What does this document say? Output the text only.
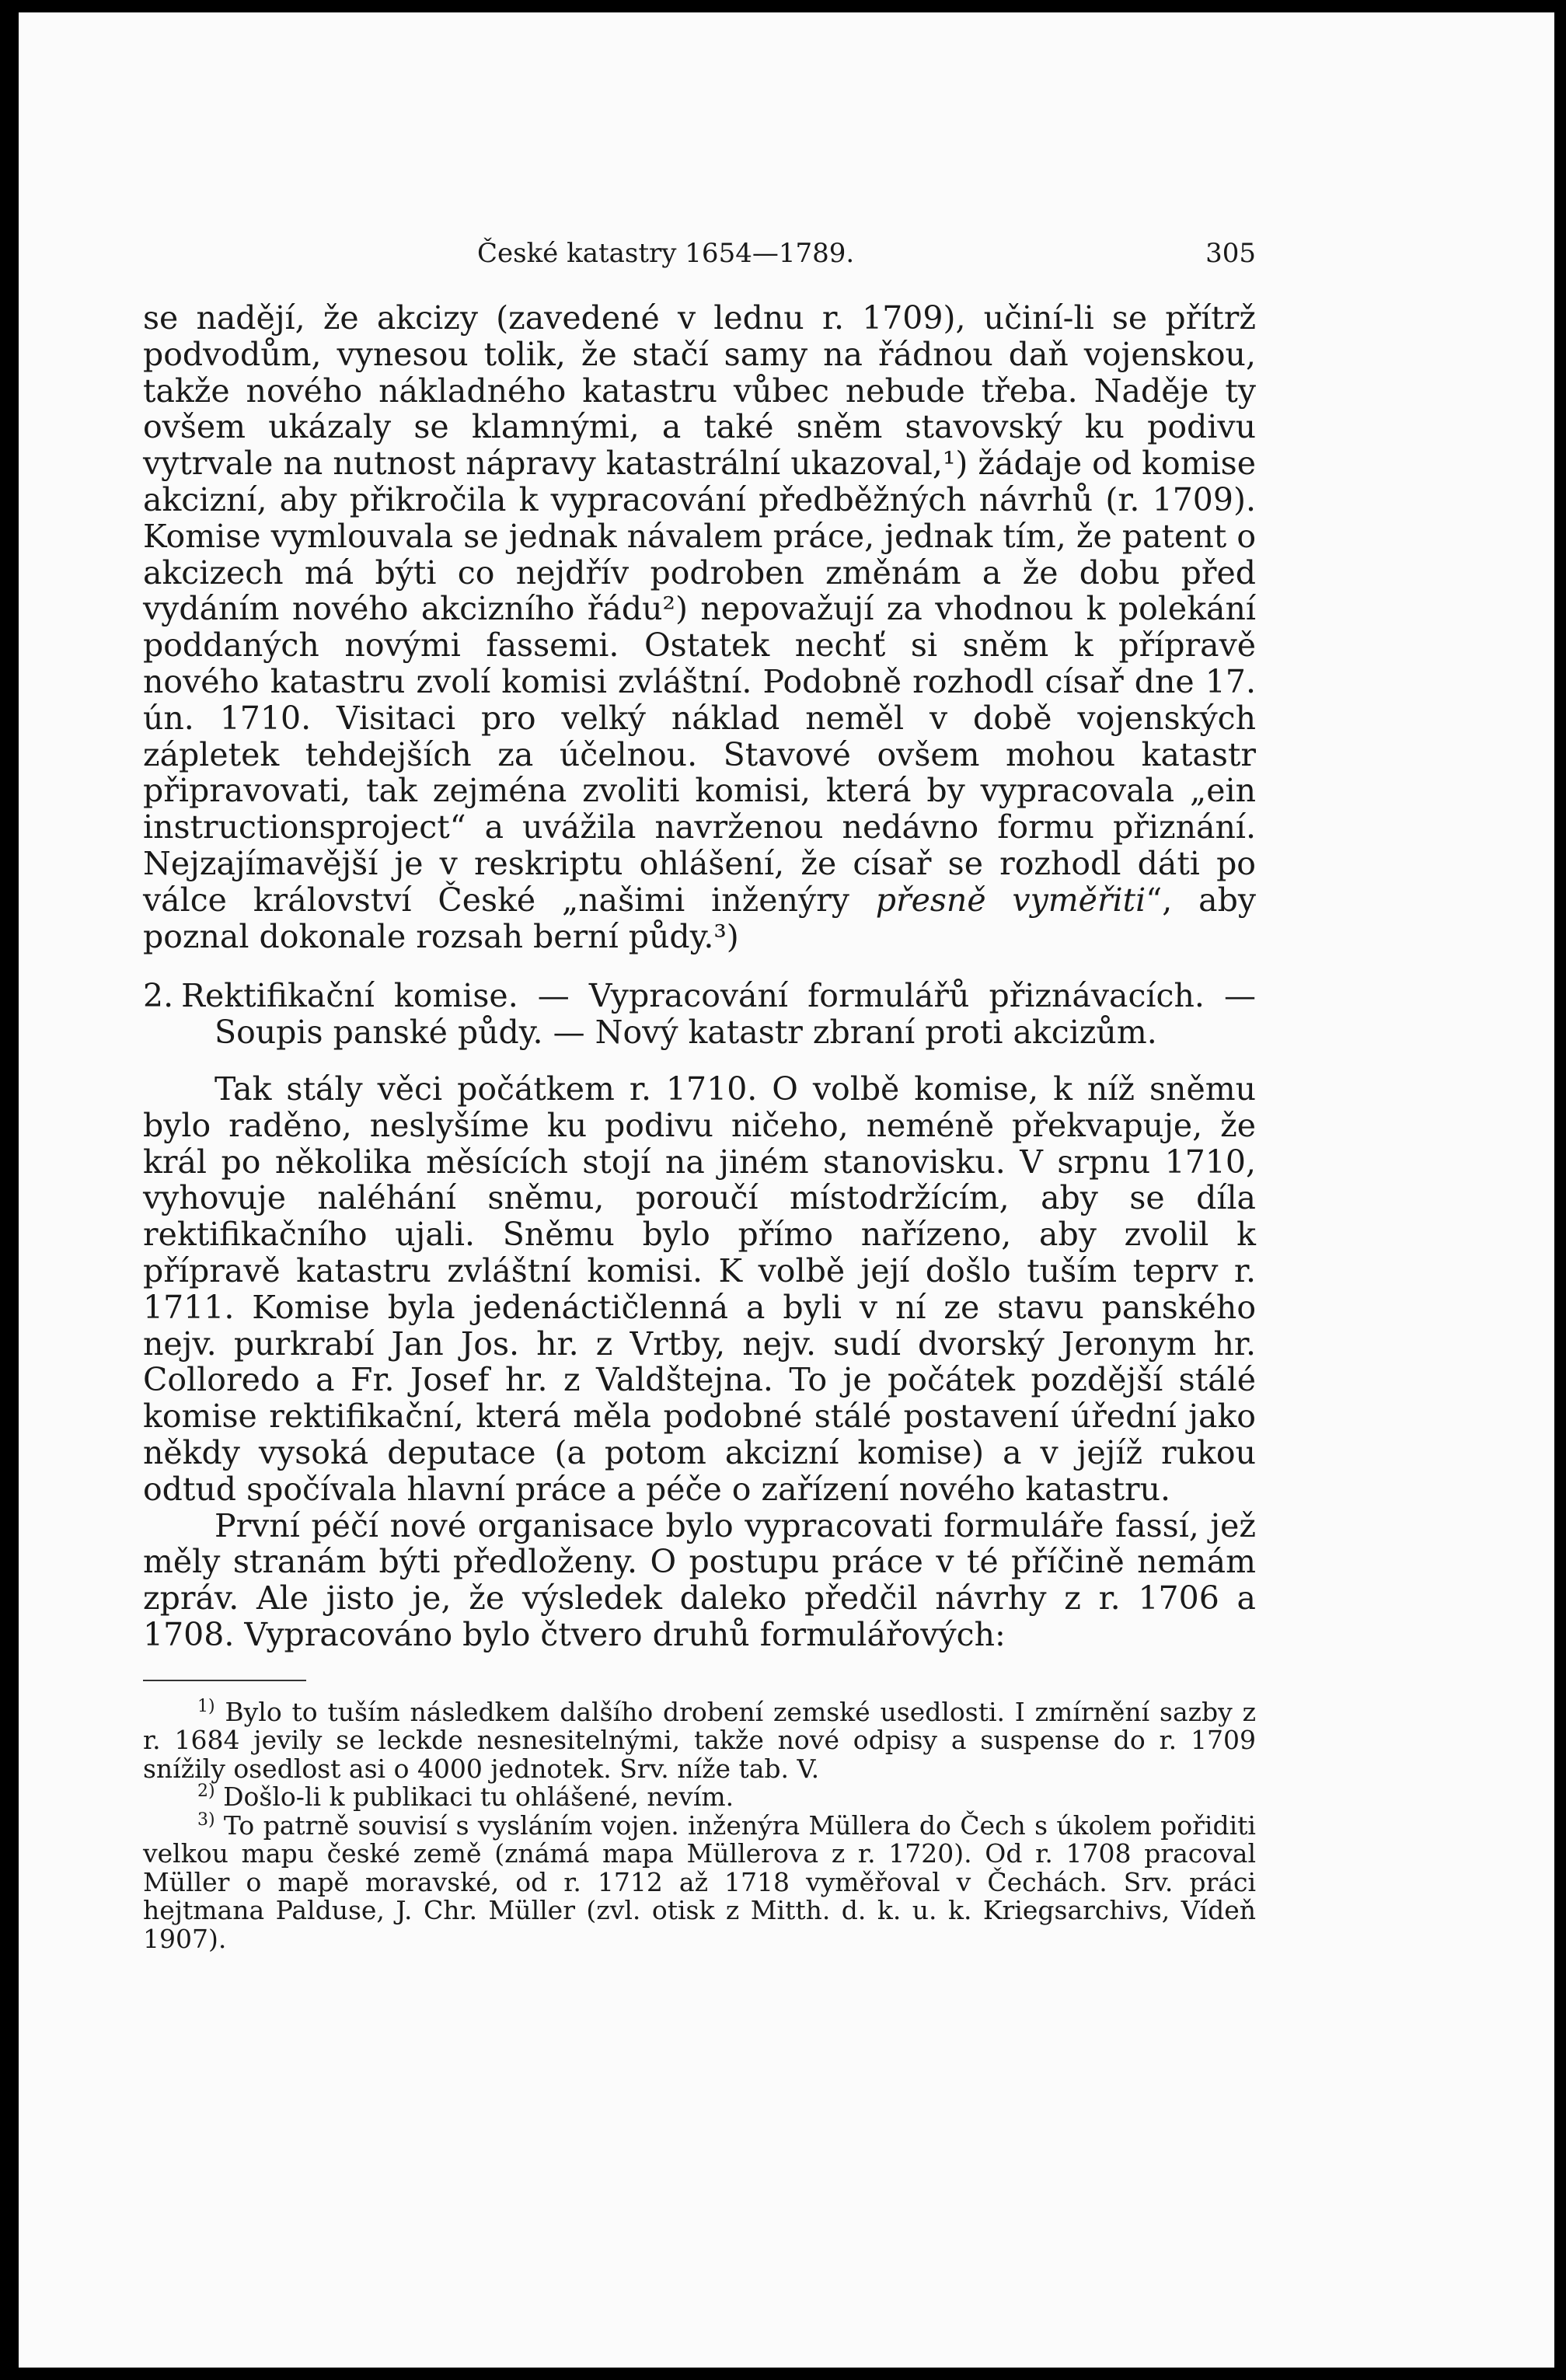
České katastry 1654—1789.	305

se nadějí, že akcizy (zavedené v lednu r. 1709), učiní-li se přítrž podvodům, vynesou tolik, že stačí samy na řádnou daň vojenskou, takže nového nákladného katastru vůbec nebude třeba. Naděje ty ovšem ukázaly se klamnými, a také sněm stavovský ku podivu vytrvale na nutnost nápravy katastrální ukazoval,¹) žádaje od komise akcizní, aby přikročila k vypracování předběžných návrhů (r. 1709). Komise vymlouvala se jednak návalem práce, jednak tím, že patent o akcizech má býti co nejdřív podroben změnám a že dobu před vydáním nového akcizního řádu²) nepovažují za vhodnou k polekání poddaných novými fassemi. Ostatek nechť si sněm k přípravě nového katastru zvolí komisi zvláštní. Podobně rozhodl císař dne 17. ún. 1710. Visitaci pro velký náklad neměl v době vojenských zápletek tehdejších za účelnou. Stavové ovšem mohou katastr připravovati, tak zejména zvoliti komisi, která by vypracovala „ein instructionsproject“ a uvážila navrženou nedávno formu přiznání. Nejzajímavější je v reskriptu ohlášení, že císař se rozhodl dáti po válce království České „našimi inženýry přesně vyměřiti“, aby poznal dokonale rozsah berní půdy.³)

2. Rektifikační komise. — Vypracování formulářů přiznávacích. — Soupis panské půdy. — Nový katastr zbraní proti akcizům.

Tak stály věci počátkem r. 1710. O volbě komise, k níž sněmu bylo raděno, neslyšíme ku podivu ničeho, neméně překvapuje, že král po několika měsících stojí na jiném stanovisku. V srpnu 1710, vyhovuje naléhání sněmu, poroučí místodržícím, aby se díla rektifikačního ujali. Sněmu bylo přímo nařízeno, aby zvolil k přípravě katastru zvláštní komisi. K volbě její došlo tuším teprv r. 1711. Komise byla jedenáctičlenná a byli v ní ze stavu panského nejv. purkrabí Jan Jos. hr. z Vrtby, nejv. sudí dvorský Jeronym hr. Colloredo a Fr. Josef hr. z Valdštejna. To je počátek pozdější stálé komise rektifikační, která měla podobné stálé postavení úřední jako někdy vysoká deputace (a potom akcizní komise) a v jejíž rukou odtud spočívala hlavní práce a péče o zařízení nového katastru.

První péčí nové organisace bylo vypracovati formuláře fassí, jež měly stranám býti předloženy. O postupu práce v té příčině nemám zpráv. Ale jisto je, že výsledek daleko předčil návrhy z r. 1706 a 1708. Vypracováno bylo čtvero druhů formulářových:

$^{1)}$ Bylo to tuším následkem dalšího drobení zemské usedlosti. I zmírnění sazby z r. 1684 jevily se leckde nesnesitelnými, takže nové odpisy a suspense do r. 1709 snížily osedlost asi o 4000 jednotek. Srv. níže tab. V.

$^{2)}$ Došlo-li k publikaci tu ohlášené, nevím.

$^{3)}$ To patrně souvisí s vysláním vojen. inženýra Müllera do Čech s úkolem pořiditi velkou mapu české země (známá mapa Müllerova z r. 1720). Od r. 1708 pracoval Müller o mapě moravské, od r. 1712 až 1718 vyměřoval v Čechách. Srv. práci hejtmana Palduse, J. Chr. Müller (zvl. otisk z Mitth. d. k. u. k. Kriegsarchivs, Vídeň 1907).
